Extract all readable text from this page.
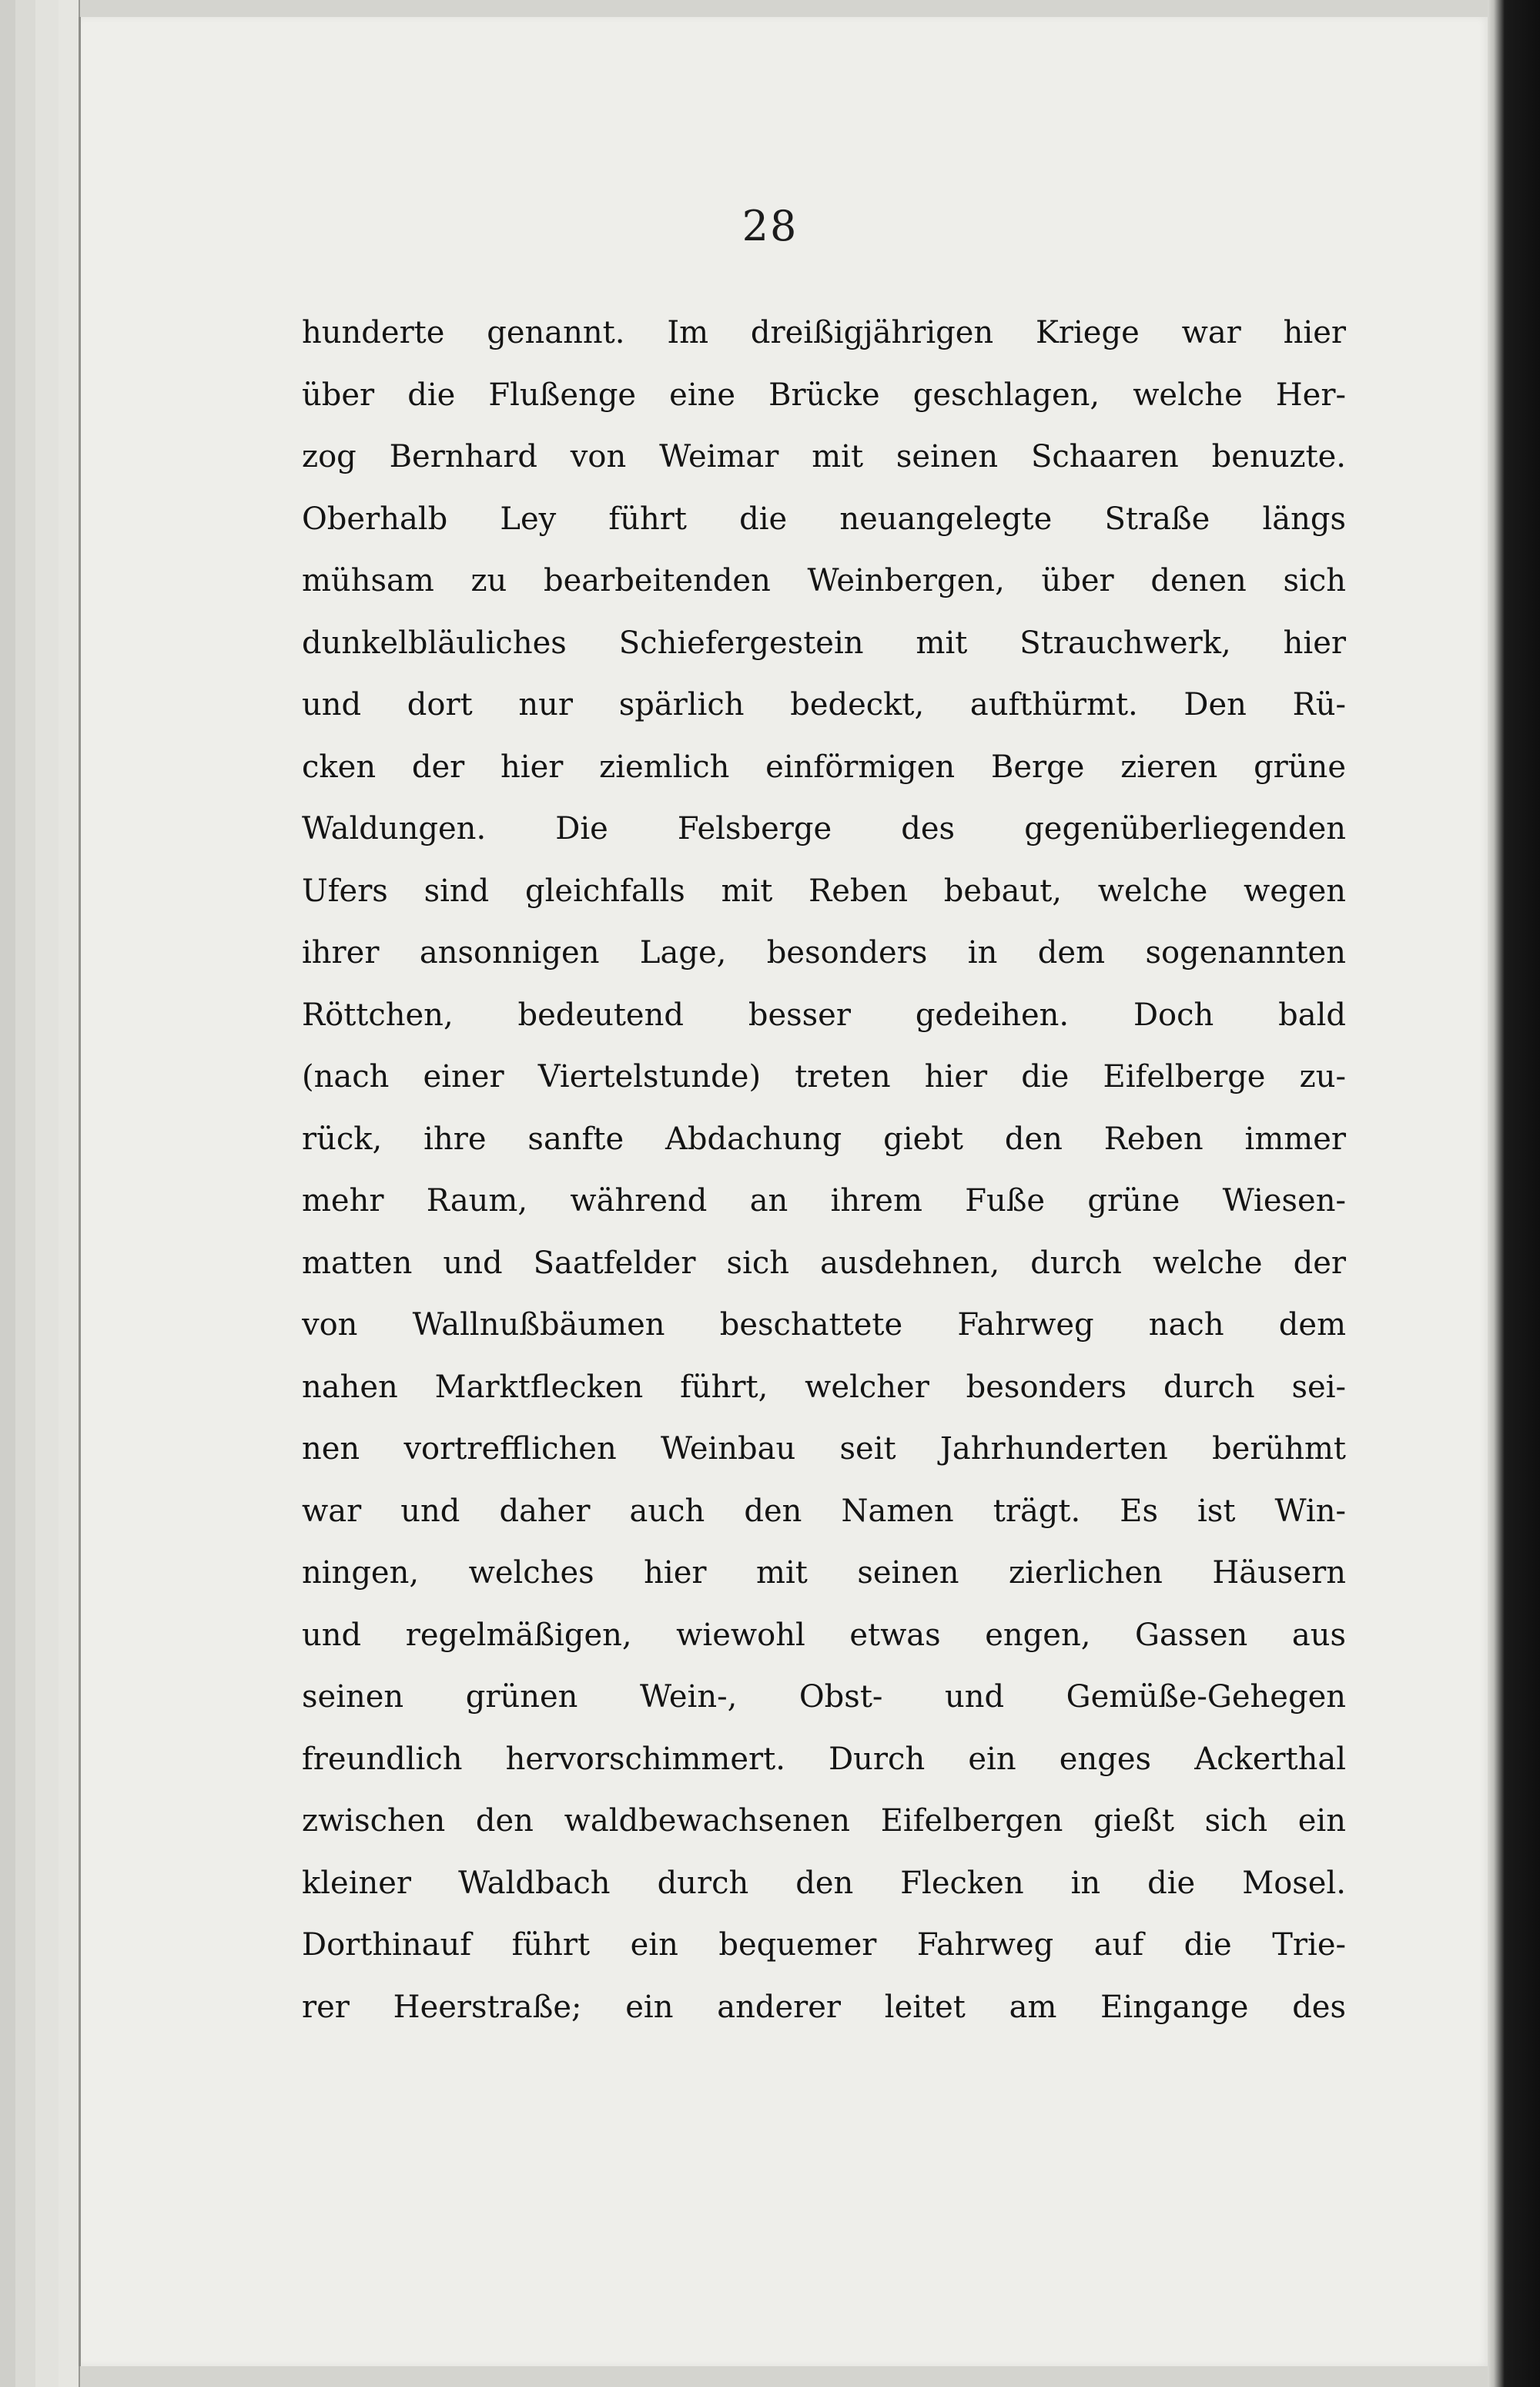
28

hunderte genannt. Im dreißigjährigen Kriege war hier
über die Flußenge eine Brücke geschlagen, welche Her-
zog Bernhard von Weimar mit seinen Schaaren benuzte.
Oberhalb Ley führt die neuangelegte Straße längs
mühsam zu bearbeitenden Weinbergen, über denen sich
dunkelbläuliches Schiefergestein mit Strauchwerk, hier
und dort nur spärlich bedeckt, aufthürmt. Den Rü-
cken der hier ziemlich einförmigen Berge zieren grüne
Waldungen. Die Felsberge des gegenüberliegenden
Ufers sind gleichfalls mit Reben bebaut, welche wegen
ihrer ansonnigen Lage, besonders in dem sogenannten
Röttchen, bedeutend besser gedeihen. Doch bald
(nach einer Viertelstunde) treten hier die Eifelberge zu-
rück, ihre sanfte Abdachung giebt den Reben immer
mehr Raum, während an ihrem Fuße grüne Wiesen-
matten und Saatfelder sich ausdehnen, durch welche der
von Wallnußbäumen beschattete Fahrweg nach dem
nahen Marktflecken führt, welcher besonders durch sei-
nen vortrefflichen Weinbau seit Jahrhunderten berühmt
war und daher auch den Namen trägt. Es ist Win-
ningen, welches hier mit seinen zierlichen Häusern
und regelmäßigen, wiewohl etwas engen, Gassen aus
seinen grünen Wein-, Obst- und Gemüße-Gehegen
freundlich hervorschimmert. Durch ein enges Ackerthal
zwischen den waldbewachsenen Eifelbergen gießt sich ein
kleiner Waldbach durch den Flecken in die Mosel.
Dorthinauf führt ein bequemer Fahrweg auf die Trie-
rer Heerstraße; ein anderer leitet am Eingange des
